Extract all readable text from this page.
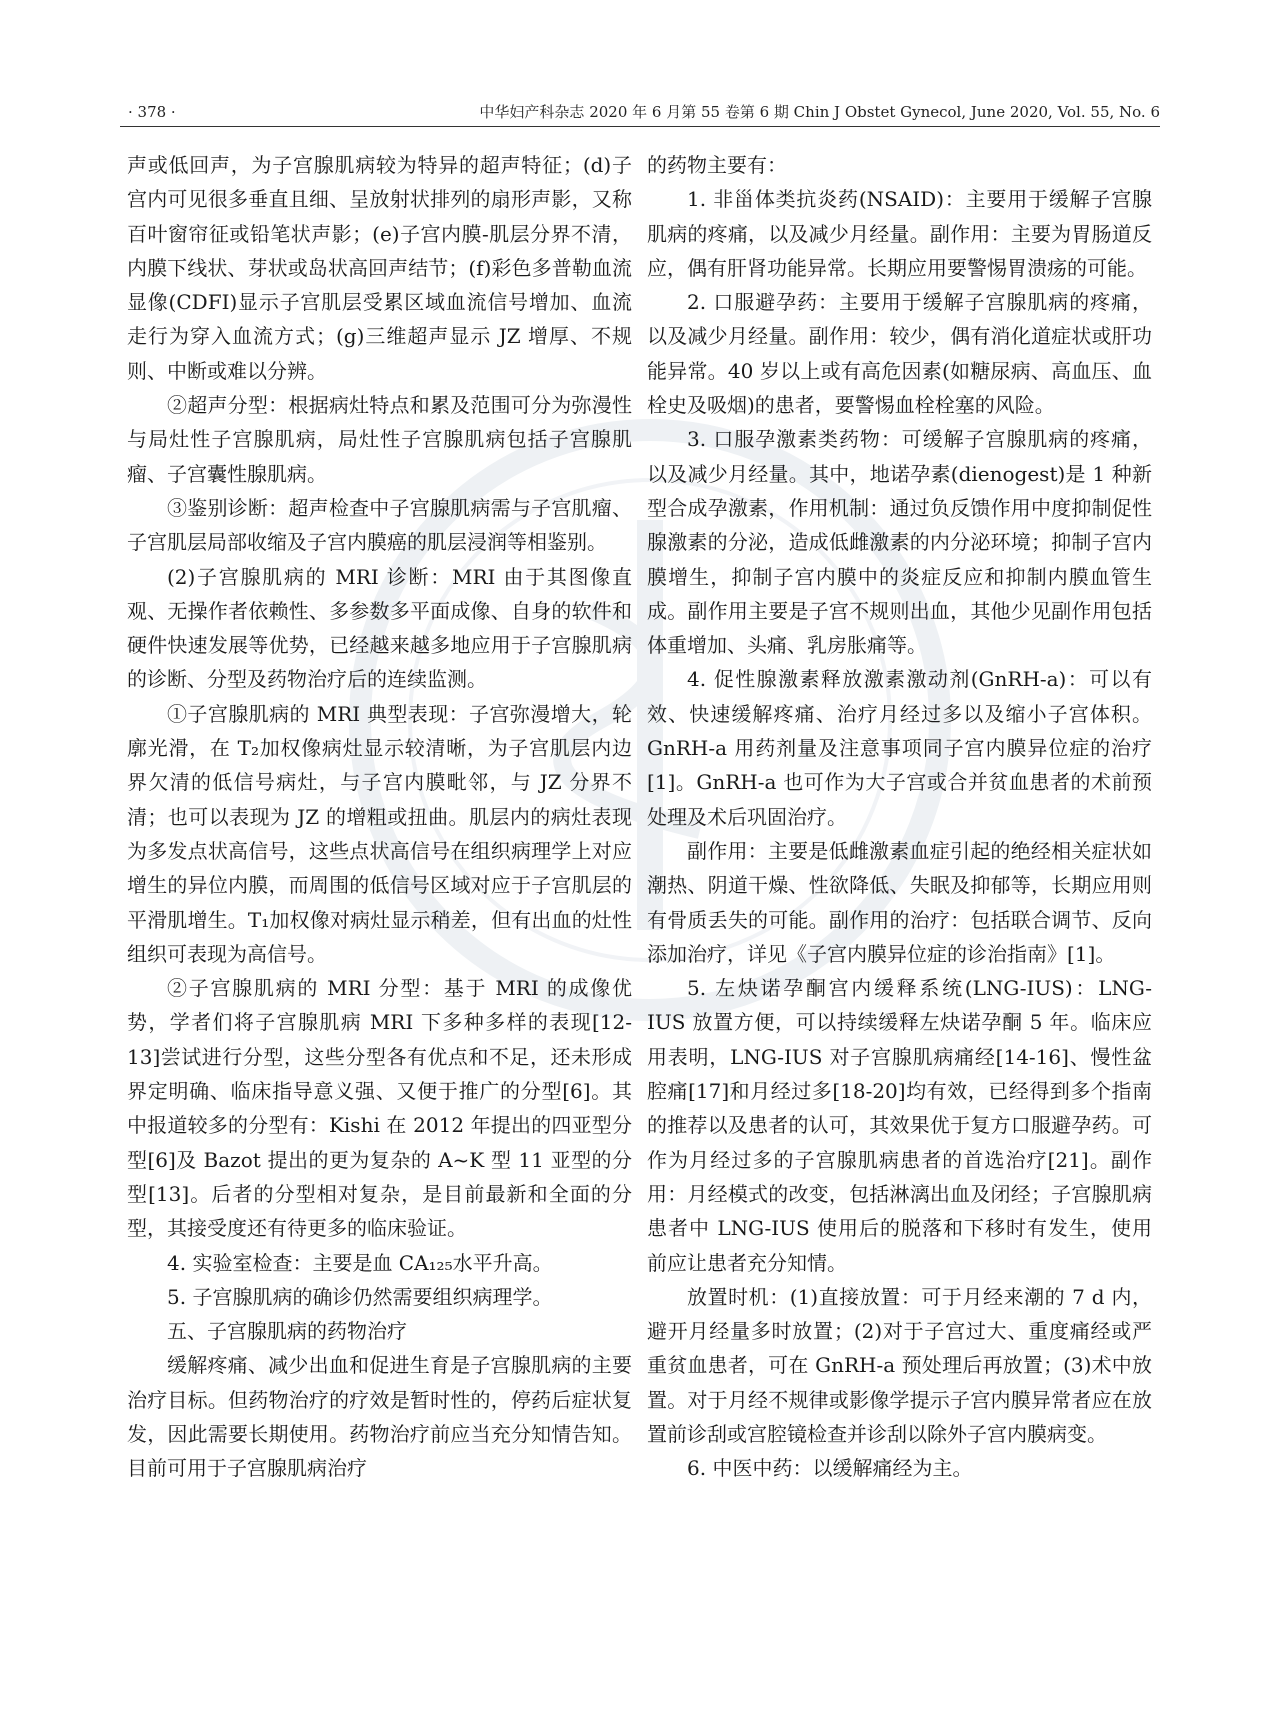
· 378 ·	中华妇产科杂志 2020 年 6 月第 55 卷第 6 期 Chin J Obstet Gynecol, June 2020, Vol. 55, No. 6

声或低回声，为子宫腺肌病较为特异的超声特征；(d)子宫内可见很多垂直且细、呈放射状排列的扇形声影，又称百叶窗帘征或铅笔状声影；(e)子宫内膜-肌层分界不清，内膜下线状、芽状或岛状高回声结节；(f)彩色多普勒血流显像(CDFI)显示子宫肌层受累区域血流信号增加、血流走行为穿入血流方式；(g)三维超声显示 JZ 增厚、不规则、中断或难以分辨。

②超声分型：根据病灶特点和累及范围可分为弥漫性与局灶性子宫腺肌病，局灶性子宫腺肌病包括子宫腺肌瘤、子宫囊性腺肌病。

③鉴别诊断：超声检查中子宫腺肌病需与子宫肌瘤、子宫肌层局部收缩及子宫内膜癌的肌层浸润等相鉴别。

(2)子宫腺肌病的 MRI 诊断：MRI 由于其图像直观、无操作者依赖性、多参数多平面成像、自身的软件和硬件快速发展等优势，已经越来越多地应用于子宫腺肌病的诊断、分型及药物治疗后的连续监测。

①子宫腺肌病的 MRI 典型表现：子宫弥漫增大，轮廓光滑，在 T₂加权像病灶显示较清晰，为子宫肌层内边界欠清的低信号病灶，与子宫内膜毗邻，与 JZ 分界不清；也可以表现为 JZ 的增粗或扭曲。肌层内的病灶表现为多发点状高信号，这些点状高信号在组织病理学上对应增生的异位内膜，而周围的低信号区域对应于子宫肌层的平滑肌增生。T₁加权像对病灶显示稍差，但有出血的灶性组织可表现为高信号。

②子宫腺肌病的 MRI 分型：基于 MRI 的成像优势，学者们将子宫腺肌病 MRI 下多种多样的表现[12-13]尝试进行分型，这些分型各有优点和不足，还未形成界定明确、临床指导意义强、又便于推广的分型[6]。其中报道较多的分型有：Kishi 在 2012 年提出的四亚型分型[6]及 Bazot 提出的更为复杂的 A~K 型 11 亚型的分型[13]。后者的分型相对复杂，是目前最新和全面的分型，其接受度还有待更多的临床验证。

4. 实验室检查：主要是血 CA₁₂₅水平升高。

5. 子宫腺肌病的确诊仍然需要组织病理学。

五、子宫腺肌病的药物治疗

缓解疼痛、减少出血和促进生育是子宫腺肌病的主要治疗目标。但药物治疗的疗效是暂时性的，停药后症状复发，因此需要长期使用。药物治疗前应当充分知情告知。目前可用于子宫腺肌病治疗

的药物主要有：

1. 非甾体类抗炎药(NSAID)：主要用于缓解子宫腺肌病的疼痛，以及减少月经量。副作用：主要为胃肠道反应，偶有肝肾功能异常。长期应用要警惕胃溃疡的可能。

2. 口服避孕药：主要用于缓解子宫腺肌病的疼痛，以及减少月经量。副作用：较少，偶有消化道症状或肝功能异常。40 岁以上或有高危因素(如糖尿病、高血压、血栓史及吸烟)的患者，要警惕血栓栓塞的风险。

3. 口服孕激素类药物：可缓解子宫腺肌病的疼痛，以及减少月经量。其中，地诺孕素(dienogest)是 1 种新型合成孕激素，作用机制：通过负反馈作用中度抑制促性腺激素的分泌，造成低雌激素的内分泌环境；抑制子宫内膜增生，抑制子宫内膜中的炎症反应和抑制内膜血管生成。副作用主要是子宫不规则出血，其他少见副作用包括体重增加、头痛、乳房胀痛等。

4. 促性腺激素释放激素激动剂(GnRH-a)：可以有效、快速缓解疼痛、治疗月经过多以及缩小子宫体积。GnRH-a 用药剂量及注意事项同子宫内膜异位症的治疗[1]。GnRH-a 也可作为大子宫或合并贫血患者的术前预处理及术后巩固治疗。

副作用：主要是低雌激素血症引起的绝经相关症状如潮热、阴道干燥、性欲降低、失眠及抑郁等，长期应用则有骨质丢失的可能。副作用的治疗：包括联合调节、反向添加治疗，详见《子宫内膜异位症的诊治指南》[1]。

5. 左炔诺孕酮宫内缓释系统(LNG-IUS)：LNG-IUS 放置方便，可以持续缓释左炔诺孕酮 5 年。临床应用表明，LNG-IUS 对子宫腺肌病痛经[14-16]、慢性盆腔痛[17]和月经过多[18-20]均有效，已经得到多个指南的推荐以及患者的认可，其效果优于复方口服避孕药。可作为月经过多的子宫腺肌病患者的首选治疗[21]。副作用：月经模式的改变，包括淋漓出血及闭经；子宫腺肌病患者中 LNG-IUS 使用后的脱落和下移时有发生，使用前应让患者充分知情。

放置时机：(1)直接放置：可于月经来潮的 7 d 内，避开月经量多时放置；(2)对于子宫过大、重度痛经或严重贫血患者，可在 GnRH-a 预处理后再放置；(3)术中放置。对于月经不规律或影像学提示子宫内膜异常者应在放置前诊刮或宫腔镜检查并诊刮以除外子宫内膜病变。

6. 中医中药：以缓解痛经为主。
